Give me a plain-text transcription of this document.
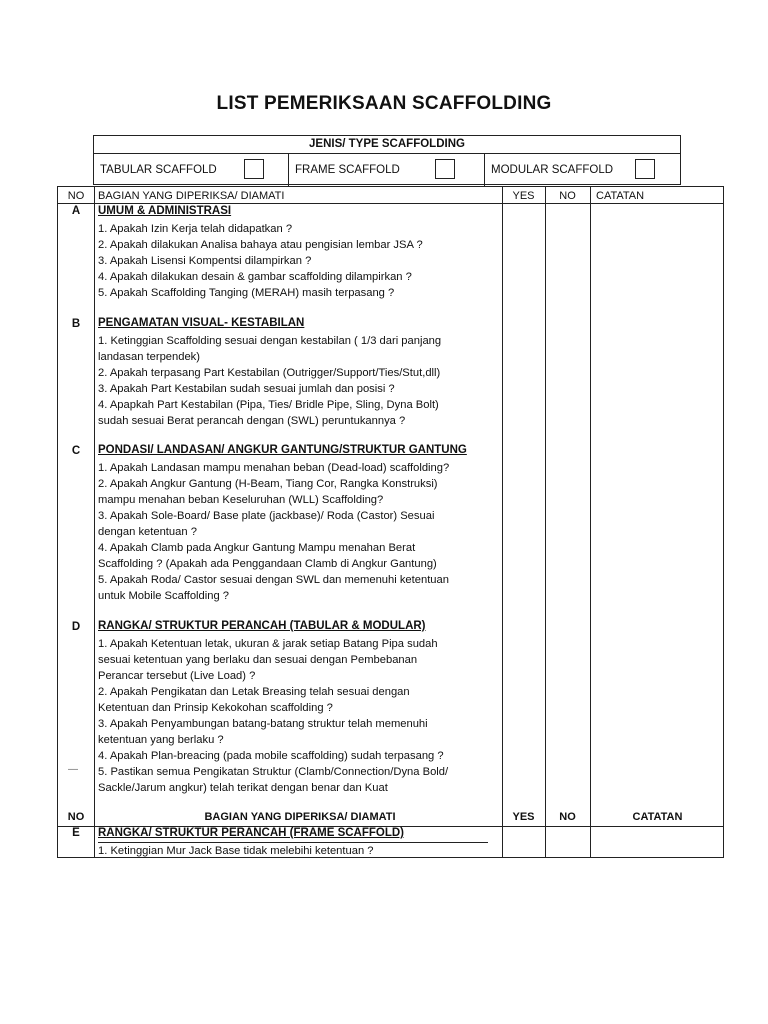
LIST PEMERIKSAAN SCAFFOLDING
JENIS/ TYPE SCAFFOLDING
TABULAR SCAFFOLD	FRAME SCAFFOLD	MODULAR SCAFFOLD
NO	BAGIAN YANG DIPERIKSA/ DIAMATI	YES	NO	CATATAN
A	UMUM & ADMINISTRASI
1. Apakah Izin Kerja telah didapatkan ?
2. Apakah dilakukan Analisa bahaya atau pengisian lembar JSA ?
3. Apakah Lisensi Kompentsi dilampirkan ?
4. Apakah dilakukan desain & gambar scaffolding dilampirkan ?
5. Apakah Scaffolding Tanging (MERAH) masih terpasang ?
B	PENGAMATAN VISUAL- KESTABILAN
1. Ketinggian Scaffolding sesuai dengan kestabilan ( 1/3 dari panjang
landasan terpendek)
2. Apakah terpasang Part Kestabilan (Outrigger/Support/Ties/Stut,dll)
3. Apakah Part Kestabilan sudah sesuai jumlah dan posisi ?
4. Apapkah Part Kestabilan (Pipa, Ties/ Bridle Pipe, Sling, Dyna Bolt)
sudah sesuai Berat perancah dengan (SWL) peruntukannya ?
C	PONDASI/ LANDASAN/ ANGKUR GANTUNG/STRUKTUR GANTUNG
1. Apakah Landasan mampu menahan beban (Dead-load) scaffolding?
2. Apakah Angkur Gantung (H-Beam, Tiang Cor, Rangka Konstruksi)
mampu menahan beban Keseluruhan (WLL) Scaffolding?
3. Apakah Sole-Board/ Base plate (jackbase)/ Roda (Castor) Sesuai
dengan ketentuan ?
4. Apakah Clamb pada Angkur Gantung Mampu menahan Berat
Scaffolding ? (Apakah ada Penggandaan Clamb di Angkur Gantung)
5. Apakah Roda/ Castor sesuai dengan SWL dan memenuhi ketentuan
untuk Mobile Scaffolding ?
D	RANGKA/ STRUKTUR PERANCAH (TABULAR & MODULAR)
1. Apakah Ketentuan letak, ukuran & jarak setiap Batang Pipa sudah
sesuai ketentuan yang berlaku dan sesuai dengan Pembebanan
Perancar tersebut (Live Load) ?
2. Apakah Pengikatan dan Letak Breasing telah sesuai dengan
Ketentuan dan Prinsip Kekokohan scaffolding ?
3. Apakah Penyambungan batang-batang struktur telah memenuhi
ketentuan yang berlaku ?
4. Apakah Plan-breacing (pada mobile scaffolding) sudah terpasang ?
5. Pastikan semua Pengikatan Struktur (Clamb/Connection/Dyna Bold/
Sackle/Jarum angkur) telah terikat dengan benar dan Kuat
—
NO	BAGIAN YANG DIPERIKSA/ DIAMATI	YES	NO	CATATAN
E	RANGKA/ STRUKTUR PERANCAH (FRAME SCAFFOLD)
1. Ketinggian Mur Jack Base tidak melebihi ketentuan ?
